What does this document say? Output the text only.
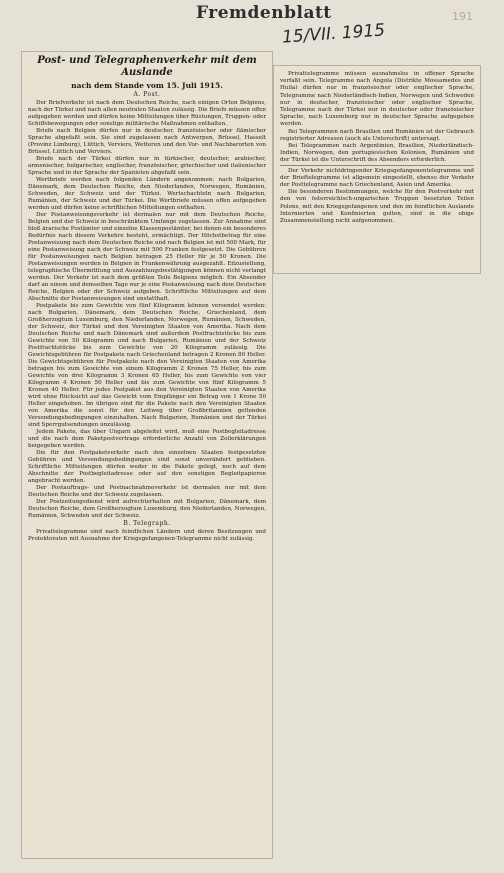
Fremdenblatt
15/VII. 1915
191
Post- und Telegraphenverkehr mit dem Auslande
nach dem Stande vom 15. Juli 1915.
A. Post.

Der Briefverkehr ist nach dem Deutschen Reiche, nach einigen Orten Belgiens, nach der Türkei und nach allen neutralen Staaten zulässig. Die Briefe müssen offen aufgegeben werden und dürfen keine Mitteilungen über Rüstungen, Truppen- oder Schiffsbewegungen oder sonstige militärische Maßnahmen enthalten.

Briefe nach Belgien dürfen nur in deutscher, französischer oder flämischer Sprache abgefaßt sein. Sie sind zugelassen nach Antwerpen, Brüssel, Hasselt (Provinz Limburg), Lüttich, Verviers, Wetteren und den Vor- und Nachbarorten von Brüssel, Lüttich und Verviers.

Briefe nach der Türkei dürfen nur in türkischer, deutscher, arabischer, armenischer, bulgarischer, englischer, französischer, griechischer und italienischer Sprache und in der Sprache der Spaniolen abgefaßt sein.

Wertbriefe werden nach folgenden Ländern angenommen: nach Bulgarien, Dänemark, dem Deutschen Reiche, den Niederlanden, Norwegen, Rumänien, Schweden, der Schweiz und der Türkei. Wertschachteln nach Bulgarien, Rumänien, der Schweiz und der Türkei. Die Wertbriefe müssen offen aufgegeben werden und dürfen keine schriftlichen Mitteilungen enthalten.

Der Postanweisungsverkehr ist dermalen nur mit dem Deutschen Reiche, Belgien und der Schweiz in beschränktem Umfange zugelassen. Zur Annahme sind bloß ärarische Postämter und einzelne Klassenpostämter, bei denen ein besonderes Bedürfnis nach diesem Verkehre besteht, ermächtigt. Der Höchstbetrag für eine Postanweisung nach dem Deutschen Reiche und nach Belgien ist mit 500 Mark, für eine Postanweisung nach der Schweiz mit 500 Franken festgesetzt. Die Gebühren für Postanweisungen nach Belgien betragen 25 Heller für je 50 Kronen. Die Postanweisungen werden in Belgien in Frankenwährung ausgezahlt. Eilzustellung, telegraphische Übermittlung und Auszahlungsbestätigungen können nicht verlangt werden. Der Verkehr ist nach dem größten Teile Belgiens möglich. Ein Absender darf an einem und demselben Tage nur je eine Postanweisung nach dem Deutschen Reiche, Belgien oder der Schweiz aufgeben. Schriftliche Mitteilungen auf dem Abschnitte der Postanweisungen sind unstatthaft.

Postpakete bis zum Gewichte von fünf Kilogramm können versendet werden: nach Bulgarien, Dänemark, dem Deutschen Reiche, Griechenland, dem Großherzogtum Luxemburg, den Niederlanden, Norwegen, Rumänien, Schweden, der Schweiz, der Türkei und den Vereinigten Staaten von Amerika. Nach dem Deutschen Reiche und nach Dänemark sind außerdem Postfrachtstücke bis zum Gewichte von 50 Kilogramm und nach Bulgarien, Rumänien und der Schweiz Postfrachtstücke bis zum Gewichte von 20 Kilogramm zulässig. Die Gewichtsgebühren für Postpakete nach Griechenland betragen 2 Kronen 80 Heller. Die Gewichtsgebühren für Postpakete nach den Vereinigten Staaten von Amerika betragen bis zum Gewichte von einem Kilogramm 2 Kronen 75 Heller, bis zum Gewichte von drei Kilogramm 3 Kronen 65 Heller, bis zum Gewichte von vier Kilogramm 4 Kronen 50 Heller und bis zum Gewichte von fünf Kilogramm 5 Kronen 40 Heller. Für jedes Postpaket aus den Vereinigten Staaten von Amerika wird ohne Rücksicht auf das Gewicht vom Empfänger ein Betrag von 1 Krone 50 Heller eingehoben. Im übrigen sind für die Pakete nach den Vereinigten Staaten von Amerika die sonst für den Leitweg über Großbritannien geltenden Versendungsbedingungen einzuhalten. Nach Bulgarien, Rumänien und der Türkei sind Sperrgutsendungen unzulässig.

Jedem Pakete, das über Ungarn abgeleitet wird, muß eine Postbegleitadresse und die nach dem Paketpostvertrage erforderliche Anzahl von Zollerklärungen beigegeben werden.

Die für den Postpaketverkehr nach den einzelnen Staaten festgesetzten Gebühren und Versendungsbedingungen sind sonst unverändert geblieben. Schriftliche Mitteilungen dürfen weder in die Pakete gelegt, noch auf dem Abschnitte der Postbegleitadresse oder auf den sonstigen Begleitpapieren angebracht werden.

Der Postauftrags- und Postnachnahmeverkehr ist dermalen nur mit dem Deutschen Reiche und der Schweiz zugelassen.

Der Postzeitungsdienst wird aufrechterhalten mit Bulgarien, Dänemark, dem Deutschen Reiche, dem Großherzogtum Luxemburg, den Niederlanden, Norwegen, Rumänien, Schweden und der Schweiz.

B. Telegraph.

Privattelegramme sind nach feindlichen Ländern und deren Besitzungen und Protektoraten mit Ausnahme der Kriegsgefangenen-Telegramme nicht zulässig.

Privattelegramme müssen ausnahmslos in offener Sprache verfaßt sein. Telegramme nach Angola (Distrikte Mossamedes und Huila) dürfen nur in französischer oder englischer Sprache, Telegramme nach Niederländisch-Indien, Norwegen und Schweden nur in deutscher, französischer oder englischer Sprache, Telegramme nach der Türkei nur in deutscher oder französischer Sprache, nach Luxemburg nur in deutscher Sprache aufgegeben werden.

Bei Telegrammen nach Brasilien und Rumänien ist der Gebrauch registrierter Adressen (auch als Unterschrift) untersagt.

Bei Telegrammen nach Argentinien, Brasilien, Niederländisch-Indien, Norwegen, den portugiesischen Kolonien, Rumänien und der Türkei ist die Unterschrift des Absenders erforderlich.

Der Verkehr nichtdringender Kriegsgefangenentelegramme und der Brieftelegramme ist allgemein eingestellt, ebenso der Verkehr der Posttelegramme nach Griechenland, Asien und Amerika.

Die besonderen Bestimmungen, welche für den Postverkehr mit den von österreichisch-ungarischen Truppen besetzten Teilen Polens, mit den Kriegsgefangenen und den im feindlichen Auslande Internierten und Konfinierten gelten, sind in die obige Zusammenstellung nicht aufgenommen.
